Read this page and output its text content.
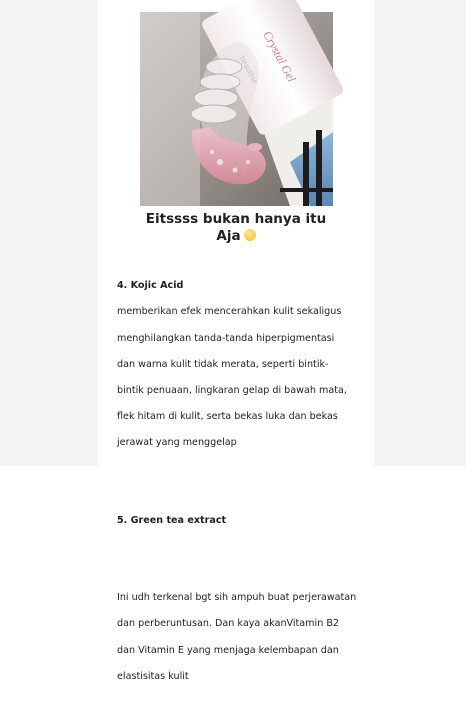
Crystal Gel
Eitssss bukan hanya itu
Aja

4. Kojic Acid

memberikan efek mencerahkan kulit sekaligus

menghilangkan tanda-tanda hiperpigmentasi

dan warna kulit tidak merata, seperti bintik-

bintik penuaan, lingkaran gelap di bawah mata,

flek hitam di kulit, serta bekas luka dan bekas

jerawat yang menggelap

5. Green tea extract

Ini udh terkenal bgt sih ampuh buat perjerawatan

dan perberuntusan. Dan kaya akanVitamin B2

dan Vitamin E yang menjaga kelembapan dan

elastisitas kulit
